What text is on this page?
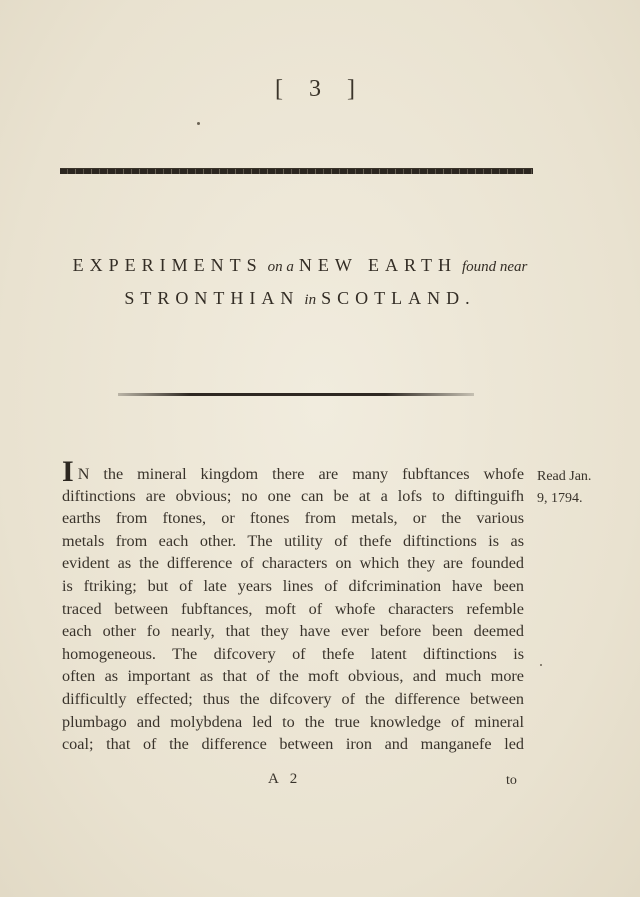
[ 3 ]
EXPERIMENTS on a NEW EARTH found near
STRONTHIAN in SCOTLAND.
Read Jan.
9, 1794.
I N the mineral kingdom there are many fubftances whofe
diftinctions are obvious; no one can be at a lofs to diftinguifh
earths from ftones, or ftones from metals, or the various
metals from each other. The utility of thefe diftinctions is as
evident as the difference of characters on which they are founded
is ftriking; but of late years lines of difcrimination have been
traced between fubftances, moft of whofe characters refemble
each other fo nearly, that they have ever before been deemed
homogeneous. The difcovery of thefe latent diftinctions is
often as important as that of the moft obvious, and much more
difficultly effected; thus the difcovery of the difference between
plumbago and molybdena led to the true knowledge of mineral
coal; that of the difference between iron and manganefe led
A 2	to
